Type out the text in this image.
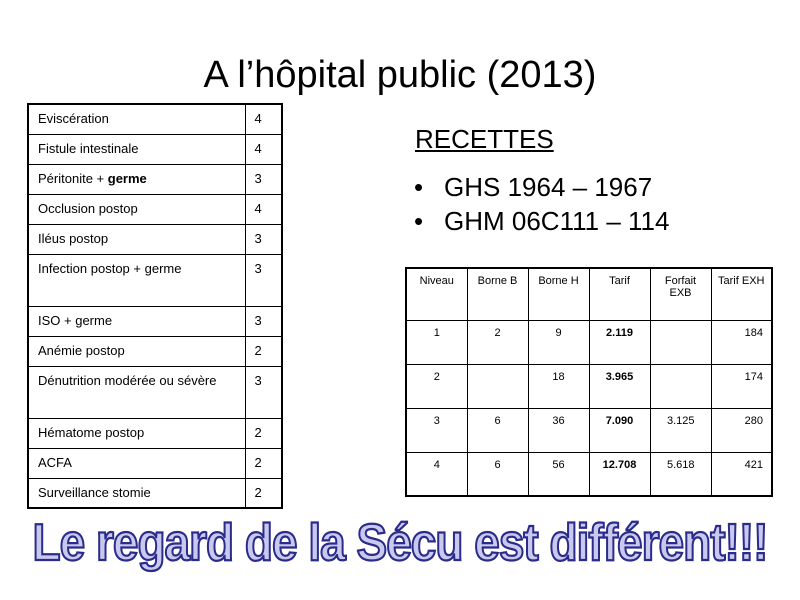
A l’hôpital public (2013)
Eviscération	4
Fistule intestinale	4
Péritonite + germe	3
Occlusion postop	4
Iléus postop	3
Infection postop + germe	3
ISO + germe	3
Anémie postop	2
Dénutrition modérée ou sévère	3
Hématome postop	2
ACFA	2
Surveillance stomie	2
RECETTES
• GHS 1964 – 1967
• GHM 06C111 – 114
Niveau	Borne B	Borne H	Tarif	Forfait EXB	Tarif EXH
1	2	9	2.119		184
2		18	3.965		174
3	6	36	7.090	3.125	280
4	6	56	12.708	5.618	421
Le regard de la Sécu est différent!!!
